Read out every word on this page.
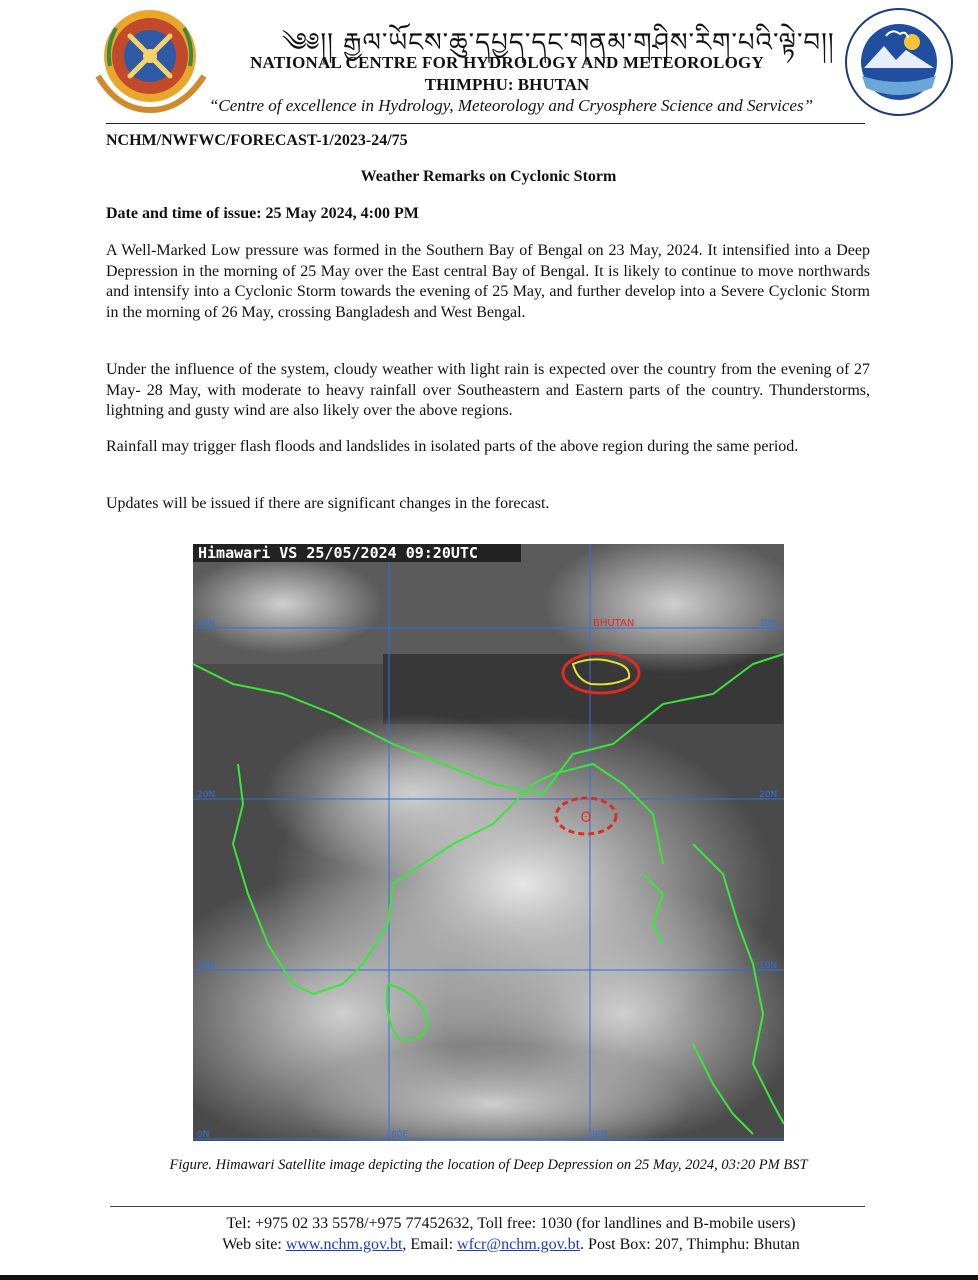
༄༅།། རྒྱལ་ཡོངས་ཆུ་དཔྱད་དང་གནམ་གཤིས་རིག་པའི་ལྟེ་བ།།
NATIONAL CENTRE FOR HYDROLOGY AND METEOROLOGY
THIMPHU: BHUTAN
“Centre of excellence in Hydrology, Meteorology and Cryosphere Science and Services”
NCHM/NWFWC/FORECAST-1/2023-24/75
Weather Remarks on Cyclonic Storm
Date and time of issue: 25 May 2024, 4:00 PM
A Well-Marked Low pressure was formed in the Southern Bay of Bengal on 23 May, 2024. It intensified into a Deep Depression in the morning of 25 May over the East central Bay of Bengal. It is likely to continue to move northwards and intensify into a Cyclonic Storm towards the evening of 25 May, and further develop into a Severe Cyclonic Storm in the morning of 26 May, crossing Bangladesh and West Bengal.
Under the influence of the system, cloudy weather with light rain is expected over the country from the evening of 27 May- 28 May, with moderate to heavy rainfall over Southeastern and Eastern parts of the country. Thunderstorms, lightning and gusty wind are also likely over the above regions.
Rainfall may trigger flash floods and landslides in isolated parts of the above region during the same period.
Updates will be issued if there are significant changes in the forecast.
ʘ
Himawari VS 25/05/2024 09:20UTC
BHUTAN
30N	30N
20N	20N
10N	10N
0N	80E	90E
Figure. Himawari Satellite image depicting the location of Deep Depression on 25 May, 2024, 03:20 PM BST
Tel: +975 02 33 5578/+975 77452632, Toll free: 1030 (for landlines and B-mobile users)
Web site: www.nchm.gov.bt, Email: wfcr@nchm.gov.bt. Post Box: 207, Thimphu: Bhutan
